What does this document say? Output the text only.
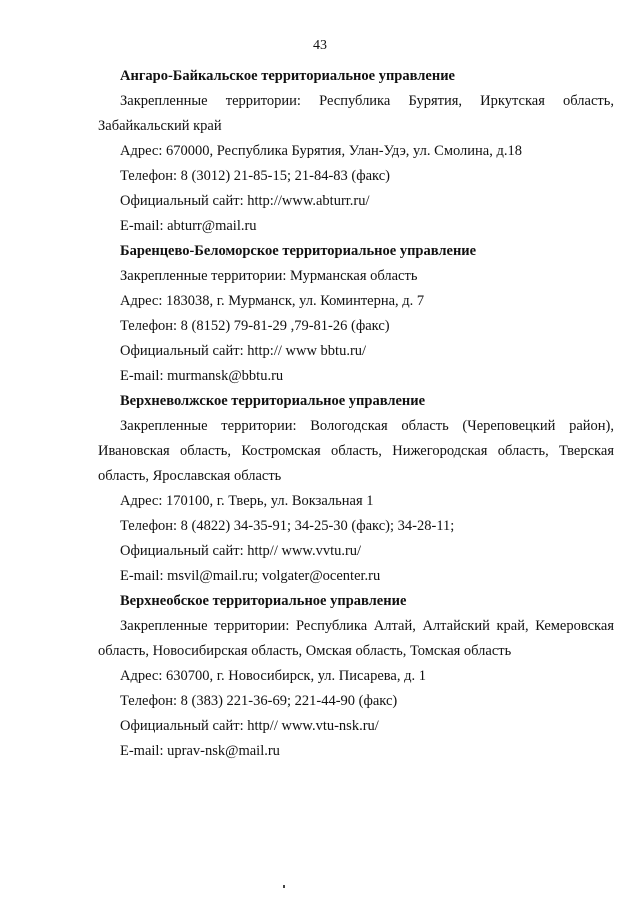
43

Ангаро-Байкальское территориальное управление

Закрепленные территории: Республика Бурятия, Иркутская область, Забайкальский край

Адрес: 670000, Республика Бурятия, Улан-Удэ, ул. Смолина, д.18

Телефон: 8 (3012) 21-85-15; 21-84-83 (факс)

Официальный сайт: http://www.abturr.ru/

E-mail: abturr@mail.ru

Баренцево-Беломорское территориальное управление

Закрепленные территории: Мурманская область

Адрес: 183038, г. Мурманск, ул. Коминтерна, д. 7

Телефон: 8 (8152) 79-81-29 ,79-81-26 (факс)

Официальный сайт: http:// www bbtu.ru/

E-mail: murmansk@bbtu.ru

Верхневолжское территориальное управление

Закрепленные территории: Вологодская область (Череповецкий район), Ивановская область, Костромская область, Нижегородская область, Тверская область, Ярославская область

Адрес: 170100, г. Тверь, ул. Вокзальная 1

Телефон: 8 (4822) 34-35-91; 34-25-30 (факс); 34-28-11;

Официальный сайт: http// www.vvtu.ru/

E-mail: msvil@mail.ru; volgater@ocenter.ru

Верхнеобское территориальное управление

Закрепленные территории: Республика Алтай, Алтайский край, Кемеровская область, Новосибирская область, Омская область, Томская область

Адрес: 630700, г. Новосибирск, ул. Писарева, д. 1

Телефон: 8 (383) 221-36-69; 221-44-90 (факс)

Официальный сайт: http// www.vtu-nsk.ru/

E-mail: uprav-nsk@mail.ru
